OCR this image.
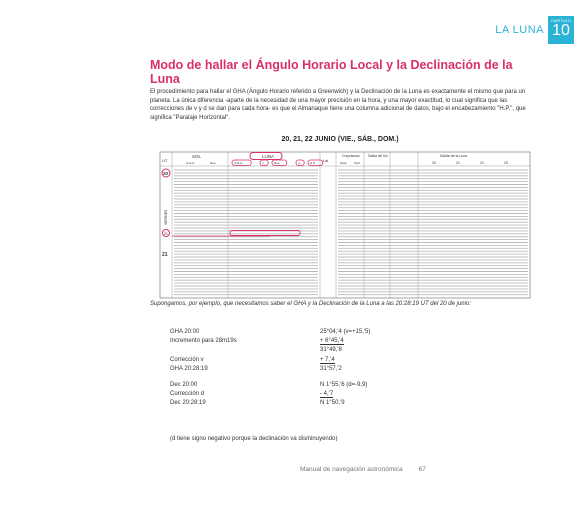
LA LUNA
CAPÍTULO
10
Modo de hallar el Ángulo Horario Local y la Declinación de la Luna
El procedimiento para hallar el GHA (Ángulo Horario referido a Greenwich) y la Declinación de la Luna es exactamente el mismo que para un planeta. La única diferencia -aparte de la necesidad de una mayor precisión en la hora, y una mayor exactitud, lo cual significa que las correcciones de v y d se dan para cada hora- es que el Almanaque tiene una columna adicional de datos, bajo el encabezamiento "H.P.", que significa "Paralaje Horizontal".
20, 21, 22 JUNIO (VIE., SÁB., DOM.)
UT
SOL
G.H.A.	Dec.
LUNA
G.H.A.	v	Dec.	d	H.P. Lat.
Crepúsculo
Náut. Civil
Salida del Sol	Salida de la Luna
20	21	22	23
20
21
VIERNES
20
Supongamos, por ejemplo, que necesitamos saber el GHA y la Declinación de la Luna a las 20:28:19 UT del 20 de junio:
GHA 20:00	25°04,'4 (v=+15,'5)
Incremento para 28m19s	+ 6°45,'4
31°49,'8
Corrección v	+ 7,'4
GHA 20:28:19	31°57,'2
Dec 20:00	N 1°55,'6 (d=-9,9)
Corrección d	- 4,'7
Dec 20:28:19	N 1°50,'9
(d tiene signo negativo porque la declinación va disminuyendo)
Manual de navegación astronómica 67
